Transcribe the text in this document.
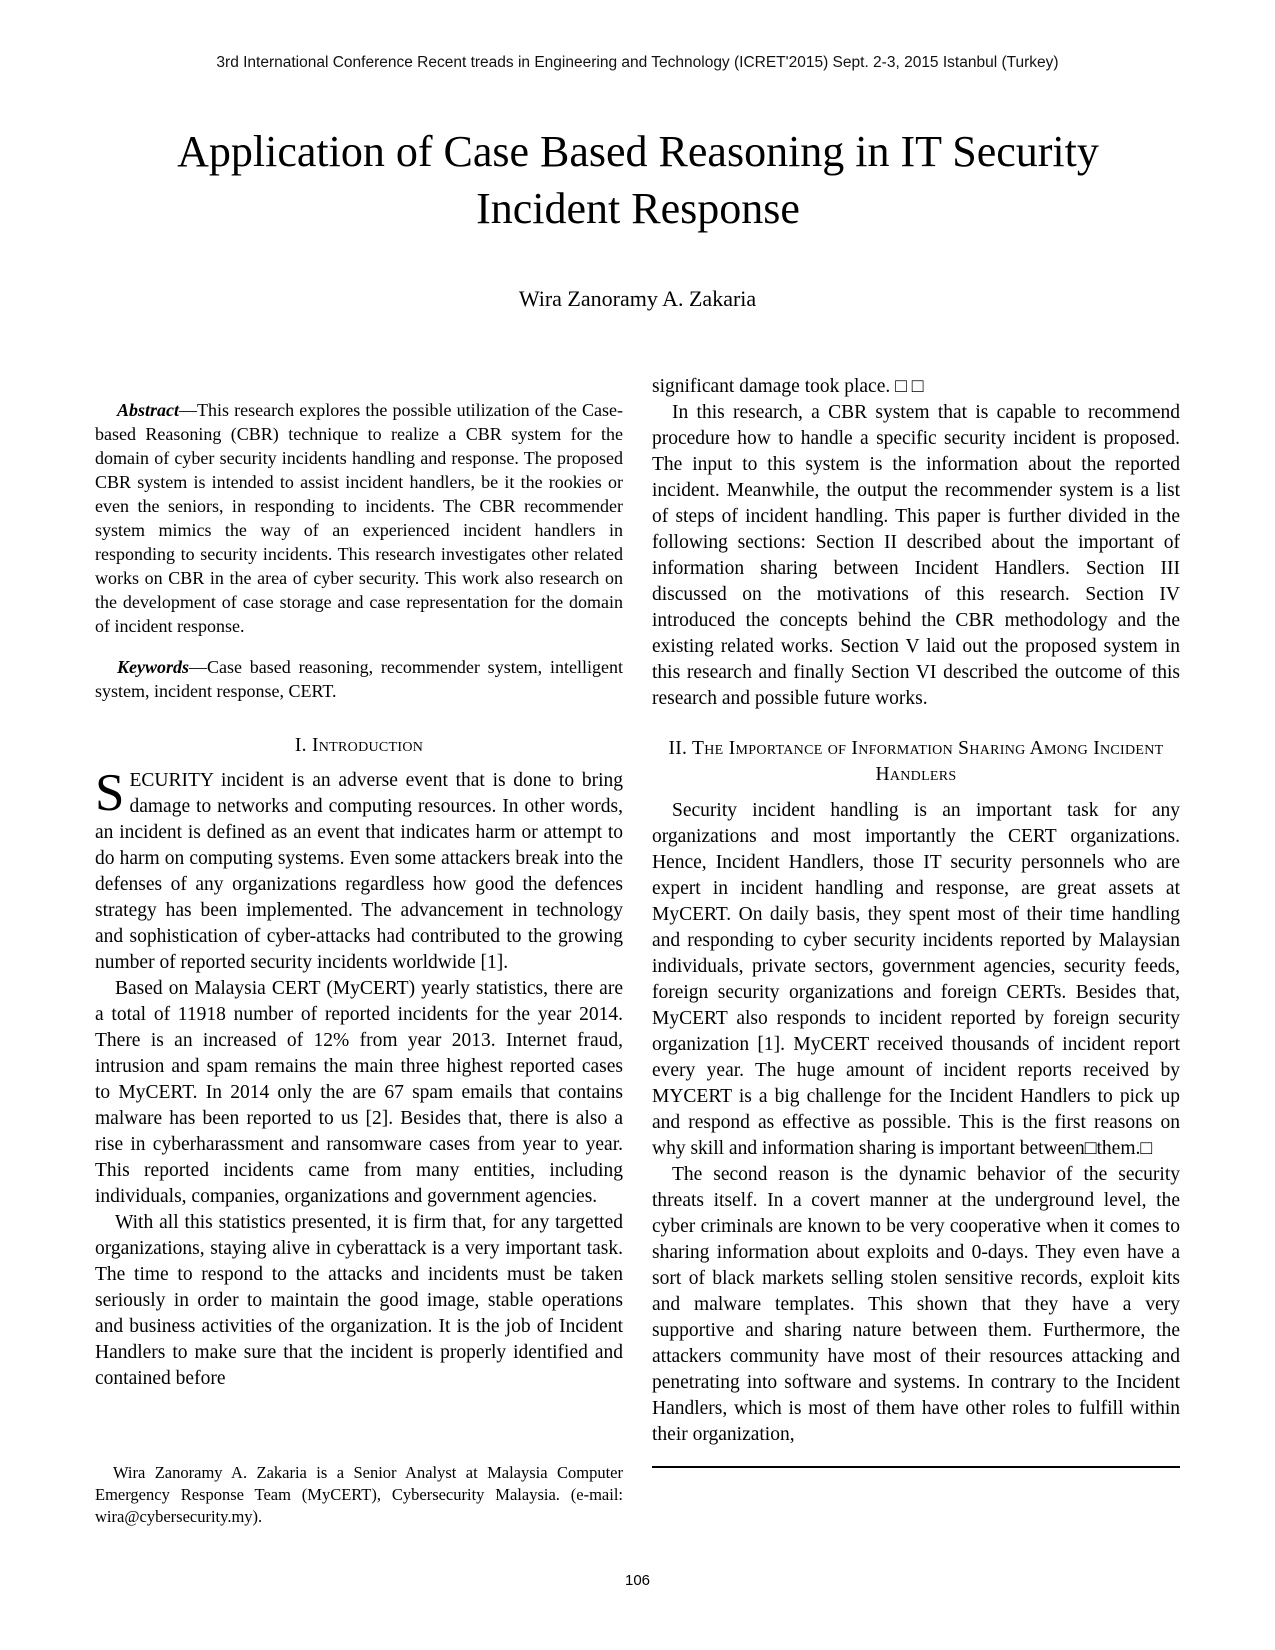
3rd International Conference Recent treads in Engineering and Technology (ICRET'2015) Sept. 2-3, 2015 Istanbul (Turkey)
Application of Case Based Reasoning in IT Security Incident Response
Wira Zanoramy A. Zakaria

Abstract—This research explores the possible utilization of the Case-based Reasoning (CBR) technique to realize a CBR system for the domain of cyber security incidents handling and response. The proposed CBR system is intended to assist incident handlers, be it the rookies or even the seniors, in responding to incidents. The CBR recommender system mimics the way of an experienced incident handlers in responding to security incidents. This research investigates other related works on CBR in the area of cyber security. This work also research on the development of case storage and case representation for the domain of incident response.

Keywords—Case based reasoning, recommender system, intelligent system, incident response, CERT.

I. Introduction

SECURITY incident is an adverse event that is done to bring damage to networks and computing resources. In other words, an incident is defined as an event that indicates harm or attempt to do harm on computing systems. Even some attackers break into the defenses of any organizations regardless how good the defences strategy has been implemented. The advancement in technology and sophistication of cyber-attacks had contributed to the growing number of reported security incidents worldwide [1].

Based on Malaysia CERT (MyCERT) yearly statistics, there are a total of 11918 number of reported incidents for the year 2014. There is an increased of 12% from year 2013. Internet fraud, intrusion and spam remains the main three highest reported cases to MyCERT. In 2014 only the are 67 spam emails that contains malware has been reported to us [2]. Besides that, there is also a rise in cyberharassment and ransomware cases from year to year. This reported incidents came from many entities, including individuals, companies, organizations and government agencies.

With all this statistics presented, it is firm that, for any targetted organizations, staying alive in cyberattack is a very important task. The time to respond to the attacks and incidents must be taken seriously in order to maintain the good image, stable operations and business activities of the organization. It is the job of Incident Handlers to make sure that the incident is properly identified and contained before

significant damage took place. □ □

In this research, a CBR system that is capable to recommend procedure how to handle a specific security incident is proposed. The input to this system is the information about the reported incident. Meanwhile, the output the recommender system is a list of steps of incident handling. This paper is further divided in the following sections: Section II described about the important of information sharing between Incident Handlers. Section III discussed on the motivations of this research. Section IV introduced the concepts behind the CBR methodology and the existing related works. Section V laid out the proposed system in this research and finally Section VI described the outcome of this research and possible future works.

II. The Importance of Information Sharing Among Incident Handlers

Security incident handling is an important task for any organizations and most importantly the CERT organizations. Hence, Incident Handlers, those IT security personnels who are expert in incident handling and response, are great assets at MyCERT. On daily basis, they spent most of their time handling and responding to cyber security incidents reported by Malaysian individuals, private sectors, government agencies, security feeds, foreign security organizations and foreign CERTs. Besides that, MyCERT also responds to incident reported by foreign security organization [1]. MyCERT received thousands of incident report every year. The huge amount of incident reports received by MYCERT is a big challenge for the Incident Handlers to pick up and respond as effective as possible. This is the first reasons on why skill and information sharing is important between□them.□

The second reason is the dynamic behavior of the security threats itself. In a covert manner at the underground level, the cyber criminals are known to be very cooperative when it comes to sharing information about exploits and 0-days. They even have a sort of black markets selling stolen sensitive records, exploit kits and malware templates. This shown that they have a very supportive and sharing nature between them. Furthermore, the attackers community have most of their resources attacking and penetrating into software and systems. In contrary to the Incident Handlers, which is most of them have other roles to fulfill within their organization,

Wira Zanoramy A. Zakaria is a Senior Analyst at Malaysia Computer Emergency Response Team (MyCERT), Cybersecurity Malaysia. (e-mail: wira@cybersecurity.my).

106
